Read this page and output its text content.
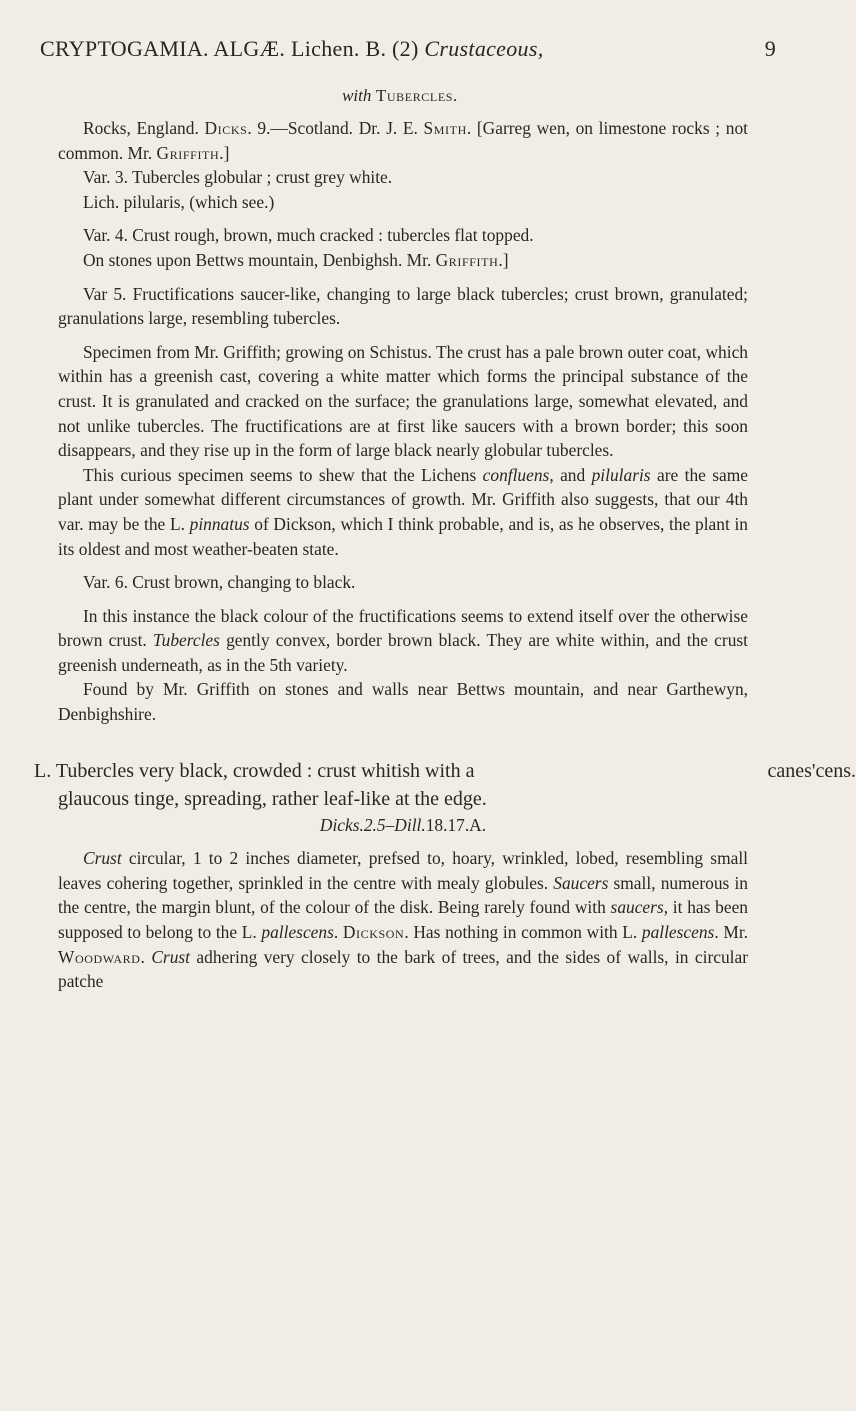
CRYPTOGAMIA. ALGÆ. Lichen. B. (2) Crustaceous,	9
with Tubercles.

Rocks, England. Dicks. 9.—Scotland. Dr. J. E. Smith. [Garreg wen, on limestone rocks ; not common. Mr. Griffith.]

Var. 3. Tubercles globular ; crust grey white.

Lich. pilularis, (which see.)

Var. 4. Crust rough, brown, much cracked : tubercles flat topped.

On stones upon Bettws mountain, Denbighsh. Mr. Griffith.]

Var 5. Fructifications saucer-like, changing to large black tubercles; crust brown, granulated; granulations large, resembling tubercles.

Specimen from Mr. Griffith; growing on Schistus. The crust has a pale brown outer coat, which within has a greenish cast, covering a white matter which forms the principal substance of the crust. It is granulated and cracked on the surface; the granulations large, somewhat elevated, and not unlike tubercles. The fructifications are at first like saucers with a brown border; this soon disappears, and they rise up in the form of large black nearly globular tubercles.

This curious specimen seems to shew that the Lichens confluens, and pilularis are the same plant under somewhat different circumstances of growth. Mr. Griffith also suggests, that our 4th var. may be the L. pinnatus of Dickson, which I think probable, and is, as he observes, the plant in its oldest and most weather-beaten state.

Var. 6. Crust brown, changing to black.

In this instance the black colour of the fructifications seems to extend itself over the otherwise brown crust. Tubercles gently convex, border brown black. They are white within, and the crust greenish underneath, as in the 5th variety.

Found by Mr. Griffith on stones and walls near Bettws mountain, and near Garthewyn, Denbighshire.

canes'cens.

L. Tubercles very black, crowded : crust whitish with a

glaucous tinge, spreading, rather leaf-like at the edge.

Dicks.2.5–Dill.18.17.A.

Crust circular, 1 to 2 inches diameter, prefsed to, hoary, wrinkled, lobed, resembling small leaves cohering together, sprinkled in the centre with mealy globules. Saucers small, numerous in the centre, the margin blunt, of the colour of the disk. Being rarely found with saucers, it has been supposed to belong to the L. pallescens. Dickson. Has nothing in common with L. pallescens. Mr. Woodward. Crust adhering very closely to the bark of trees, and the sides of walls, in circular patche
